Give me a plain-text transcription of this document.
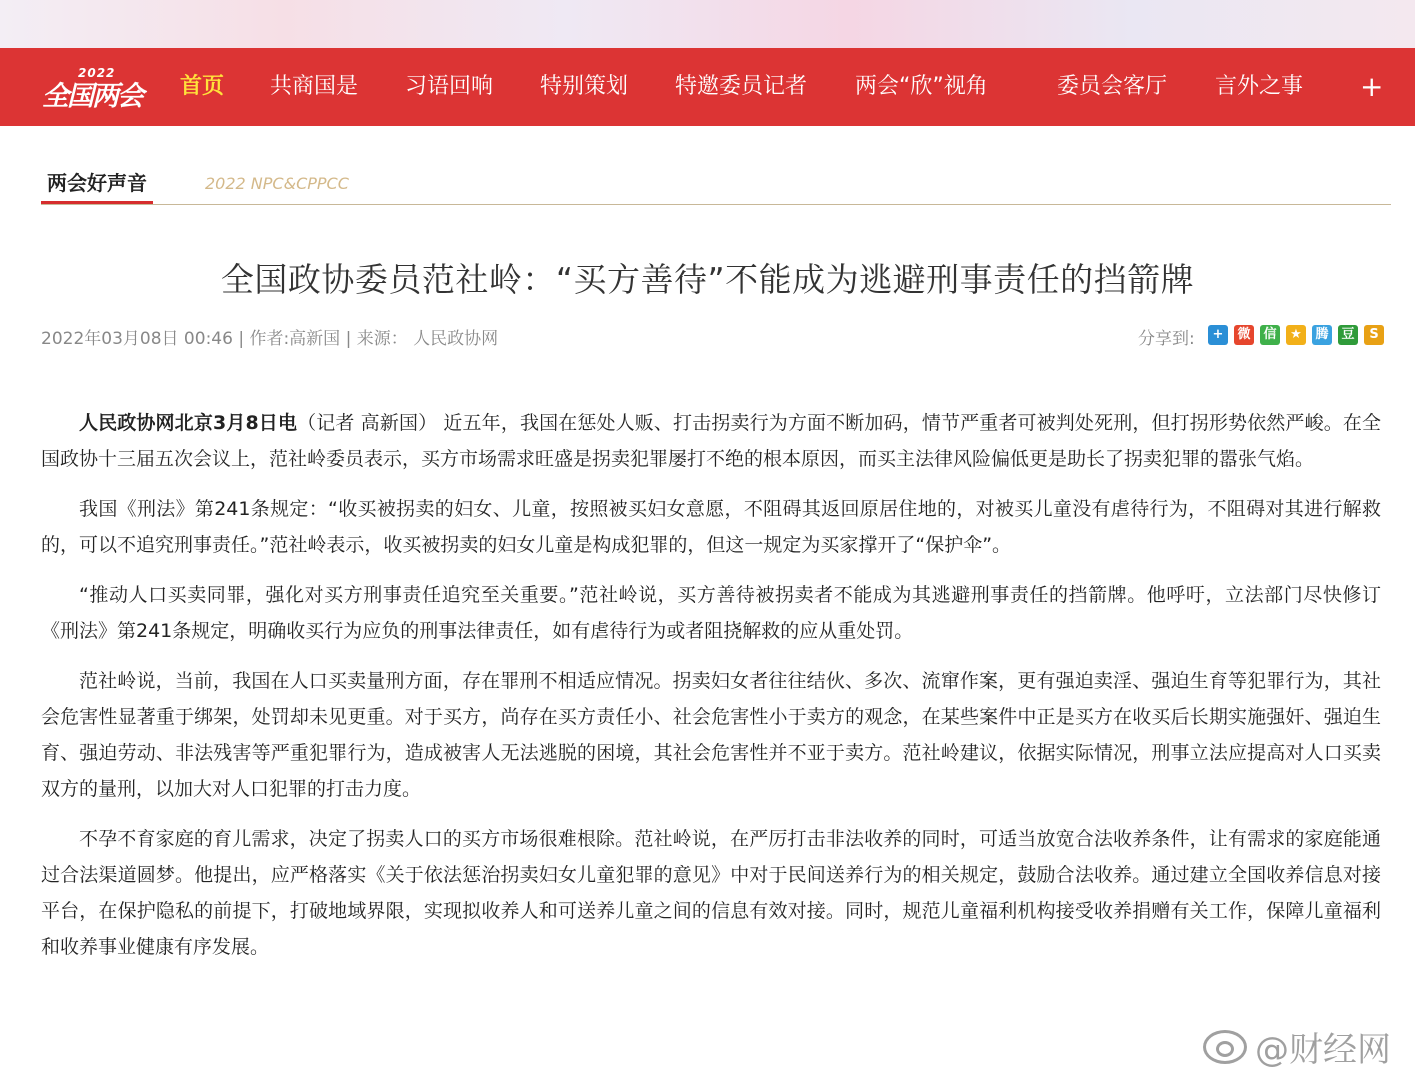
2022
全国两会 首页 共商国是 习语回响 特别策划 特邀委员记者 两会“欣”视角	委员会客厅 言外之事 +
两会好声音	2022 NPC&CPPCC
全国政协委员范社岭：“买方善待”不能成为逃避刑事责任的挡箭牌
2022年03月08日 00:46 | 作者:高新国 | 来源： 人民政协网	分享到:	+	微 信	★	腾 豆	S

人民政协网北京3月8日电（记者 高新国） 近五年，我国在惩处人贩、打击拐卖行为方面不断加码，情节严重者可被判处死刑，但打拐形势依然严峻。在全国政协十三届五次会议上，范社岭委员表示，买方市场需求旺盛是拐卖犯罪屡打不绝的根本原因，而买主法律风险偏低更是助长了拐卖犯罪的嚣张气焰。

我国《刑法》第241条规定：“收买被拐卖的妇女、儿童，按照被买妇女意愿，不阻碍其返回原居住地的，对被买儿童没有虐待行为，不阻碍对其进行解救的，可以不追究刑事责任。”范社岭表示，收买被拐卖的妇女儿童是构成犯罪的，但这一规定为买家撑开了“保护伞”。

“推动人口买卖同罪，强化对买方刑事责任追究至关重要。”范社岭说，买方善待被拐卖者不能成为其逃避刑事责任的挡箭牌。他呼吁，立法部门尽快修订《刑法》第241条规定，明确收买行为应负的刑事法律责任，如有虐待行为或者阻挠解救的应从重处罚。

范社岭说，当前，我国在人口买卖量刑方面，存在罪刑不相适应情况。拐卖妇女者往往结伙、多次、流窜作案，更有强迫卖淫、强迫生育等犯罪行为，其社会危害性显著重于绑架，处罚却未见更重。对于买方，尚存在买方责任小、社会危害性小于卖方的观念，在某些案件中正是买方在收买后长期实施强奸、强迫生育、强迫劳动、非法残害等严重犯罪行为，造成被害人无法逃脱的困境，其社会危害性并不亚于卖方。范社岭建议，依据实际情况，刑事立法应提高对人口买卖双方的量刑，以加大对人口犯罪的打击力度。

不孕不育家庭的育儿需求，决定了拐卖人口的买方市场很难根除。范社岭说，在严厉打击非法收养的同时，可适当放宽合法收养条件，让有需求的家庭能通过合法渠道圆梦。他提出，应严格落实《关于依法惩治拐卖妇女儿童犯罪的意见》中对于民间送养行为的相关规定，鼓励合法收养。通过建立全国收养信息对接平台，在保护隐私的前提下，打破地域界限，实现拟收养人和可送养儿童之间的信息有效对接。同时，规范儿童福利机构接受收养捐赠有关工作，保障儿童福利和收养事业健康有序发展。

@财经网
